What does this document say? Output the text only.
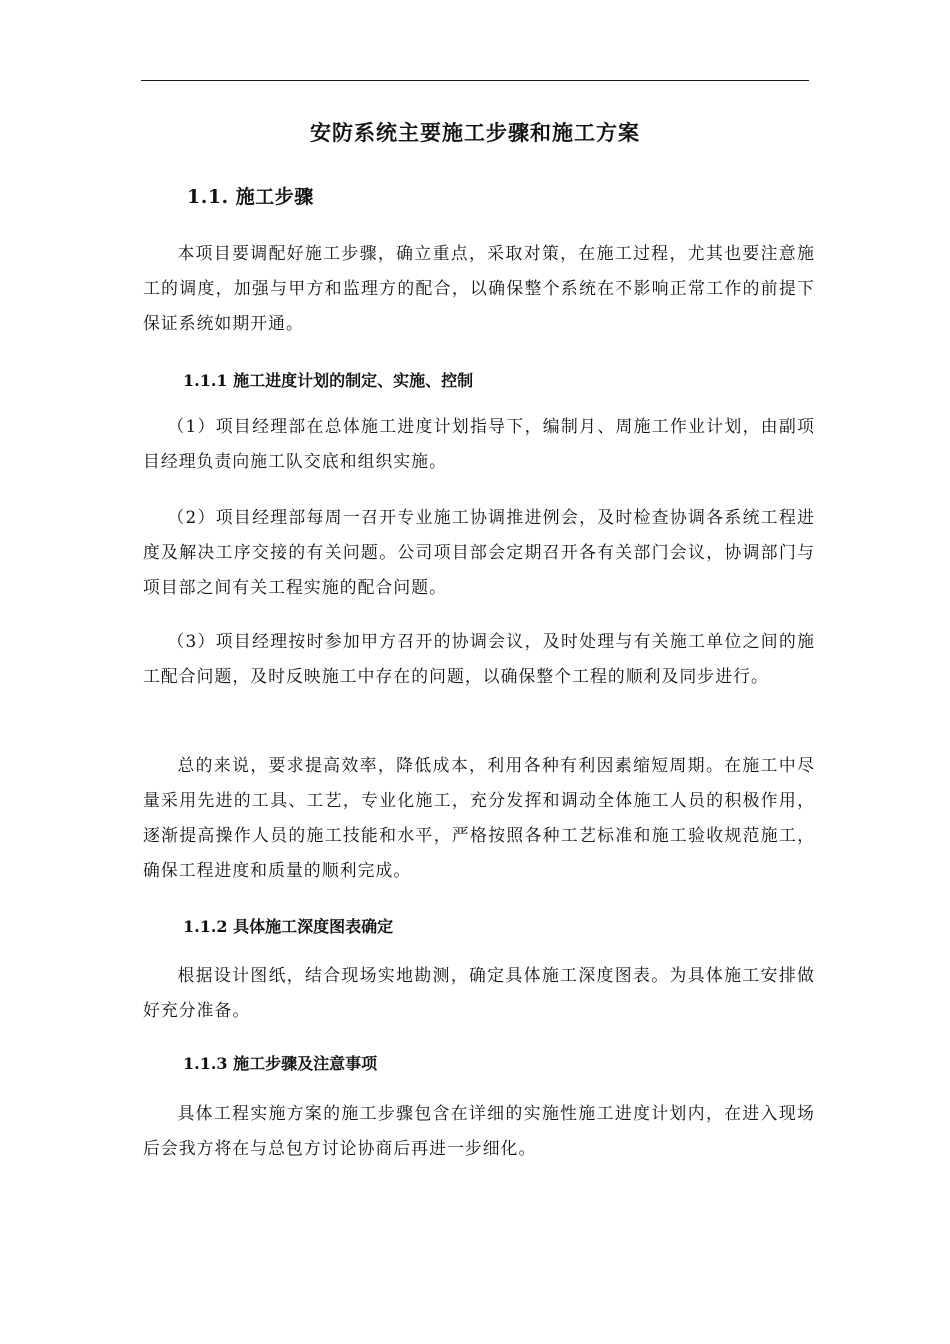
安防系统主要施工步骤和施工方案
1.1. 施工步骤

本项目要调配好施工步骤，确立重点，采取对策，在施工过程，尤其也要注意施工的调度，加强与甲方和监理方的配合，以确保整个系统在不影响正常工作的前提下保证系统如期开通。

1.1.1 施工进度计划的制定、实施、控制

（1）项目经理部在总体施工进度计划指导下，编制月、周施工作业计划，由副项目经理负责向施工队交底和组织实施。

（2）项目经理部每周一召开专业施工协调推进例会，及时检查协调各系统工程进度及解决工序交接的有关问题。公司项目部会定期召开各有关部门会议，协调部门与项目部之间有关工程实施的配合问题。

（3）项目经理按时参加甲方召开的协调会议，及时处理与有关施工单位之间的施工配合问题，及时反映施工中存在的问题，以确保整个工程的顺利及同步进行。

总的来说，要求提高效率，降低成本，利用各种有利因素缩短周期。在施工中尽量采用先进的工具、工艺，专业化施工，充分发挥和调动全体施工人员的积极作用，逐渐提高操作人员的施工技能和水平，严格按照各种工艺标准和施工验收规范施工，确保工程进度和质量的顺利完成。

1.1.2 具体施工深度图表确定

根据设计图纸，结合现场实地勘测，确定具体施工深度图表。为具体施工安排做好充分准备。

1.1.3 施工步骤及注意事项

具体工程实施方案的施工步骤包含在详细的实施性施工进度计划内，在进入现场后会我方将在与总包方讨论协商后再进一步细化。
